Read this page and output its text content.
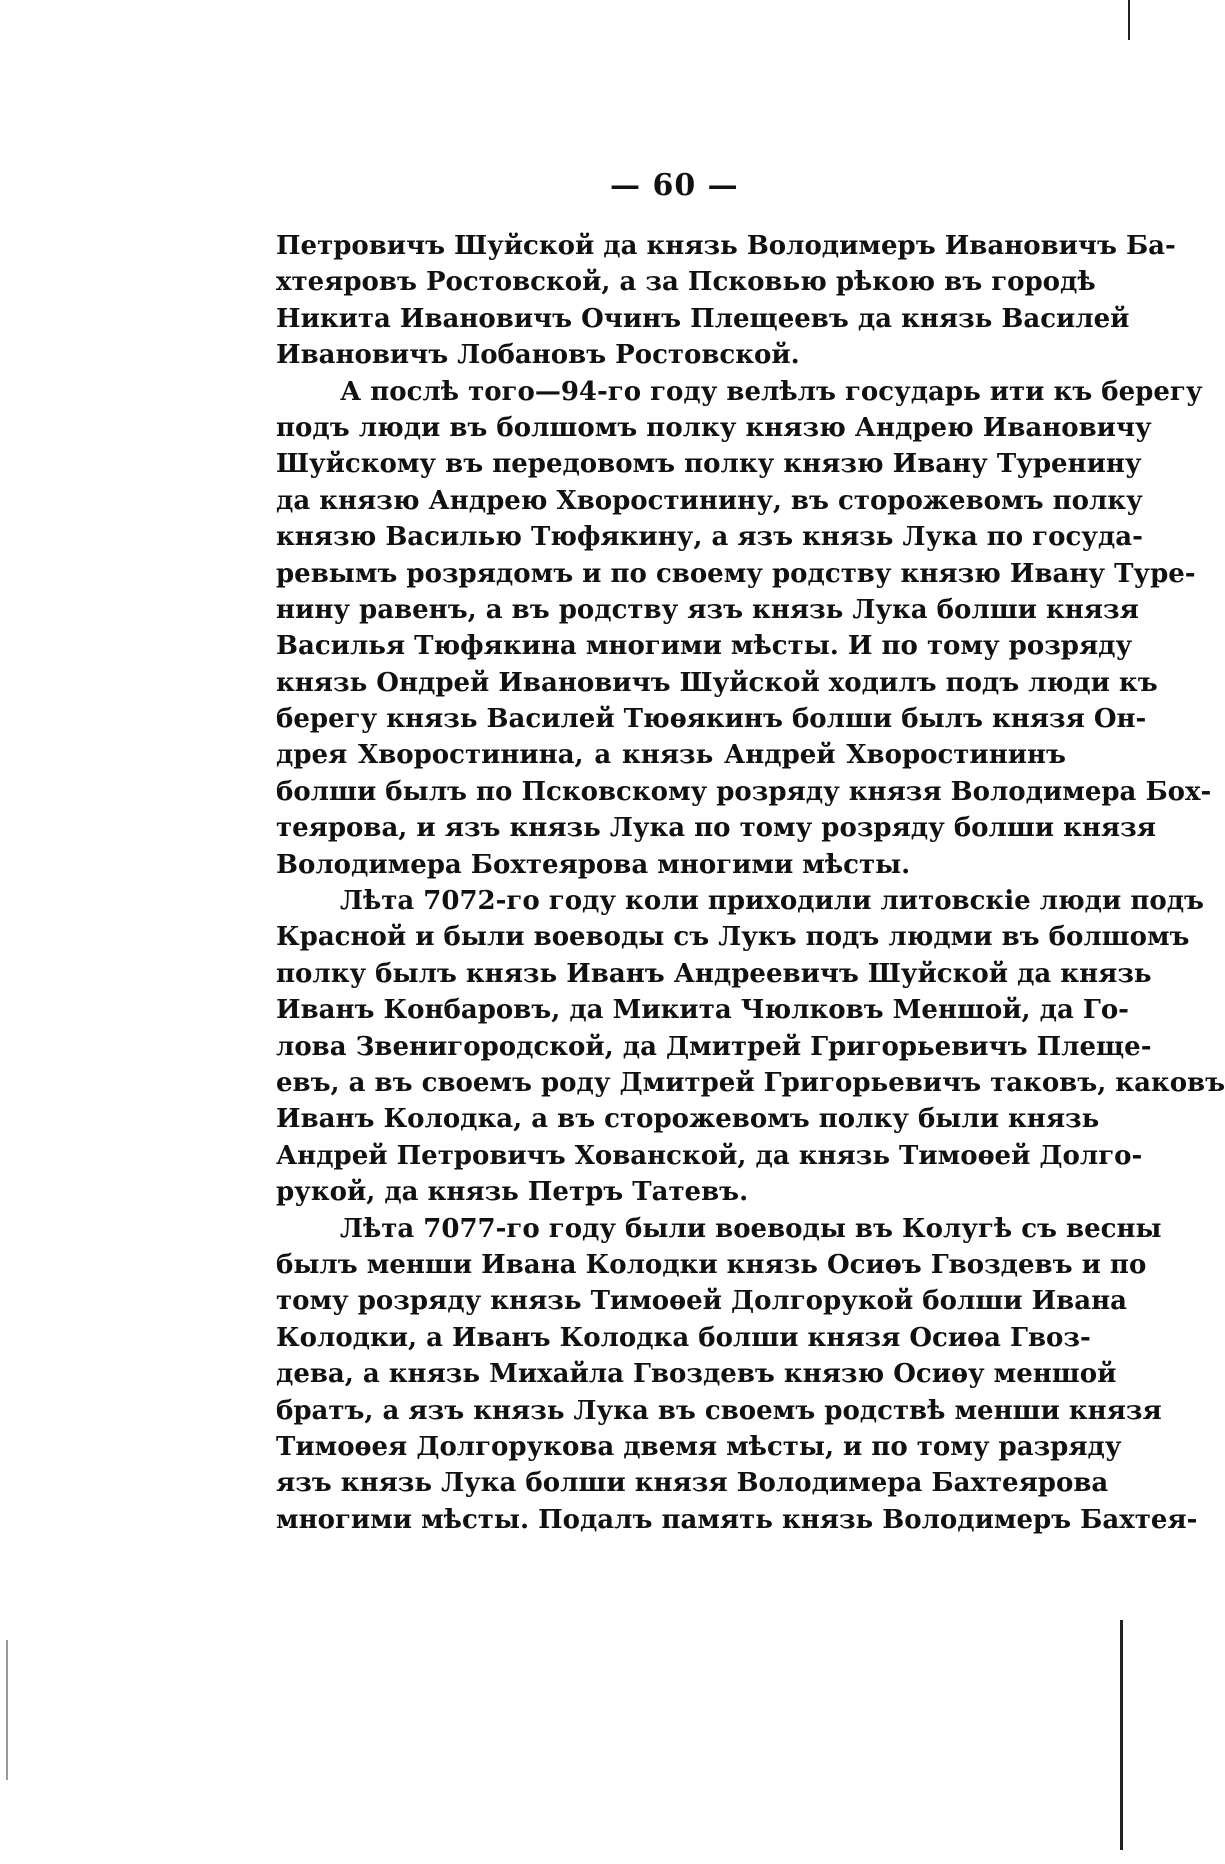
— 60 —
Петровичъ Шуйской да князь Володимеръ Ивановичъ Ба-
хтеяровъ Ростовской, а за Псковью рѣкою въ городѣ
Никита Ивановичъ Очинъ Плещеевъ да князь Василей
Ивановичъ Лобановъ Ростовской.
А послѣ того—94-го году велѣлъ государь ити къ берегу
подъ люди въ болшомъ полку князю Андрею Ивановичу
Шуйскому въ передовомъ полку князю Ивану Туренину
да князю Андрею Хворостинину, въ сторожевомъ полку
князю Василью Тюфякину, а язъ князь Лука по госуда-
ревымъ розрядомъ и по своему родству князю Ивану Туре-
нину равенъ, а въ родству язъ князь Лука болши князя
Василья Тюфякина многими мѣсты. И по тому розряду
князь Ондрей Ивановичъ Шуйской ходилъ подъ люди къ
берегу князь Василей Тюѳякинъ болши былъ князя Он-
дрея Хворостинина, а князь Андрей Хворостининъ
болши былъ по Псковскому розряду князя Володимера Бох-
теярова, и язъ князь Лука по тому розряду болши князя
Володимера Бохтеярова многими мѣсты.
Лѣта 7072-го году коли приходили литовскіе люди подъ
Красной и были воеводы съ Лукъ подъ людми въ болшомъ
полку былъ князь Иванъ Андреевичъ Шуйской да князь
Иванъ Конбаровъ, да Микита Чюлковъ Меншой, да Го-
лова Звенигородской, да Дмитрей Григорьевичъ Плеще-
евъ, а въ своемъ роду Дмитрей Григорьевичъ таковъ, каковъ
Иванъ Колодка, а въ сторожевомъ полку были князь
Андрей Петровичъ Хованской, да князь Тимоѳей Долго-
рукой, да князь Петръ Татевъ.
Лѣта 7077-го году были воеводы въ Колугѣ съ весны
былъ менши Ивана Колодки князь Осиѳъ Гвоздевъ и по
тому розряду князь Тимоѳей Долгорукой болши Ивана
Колодки, а Иванъ Колодка болши князя Осиѳа Гвоз-
дева, а князь Михайла Гвоздевъ князю Осиѳу меншой
братъ, а язъ князь Лука въ своемъ родствѣ менши князя
Тимоѳея Долгорукова двемя мѣсты, и по тому разряду
язъ князь Лука болши князя Володимера Бахтеярова
многими мѣсты. Подалъ память князь Володимеръ Бахтея-
